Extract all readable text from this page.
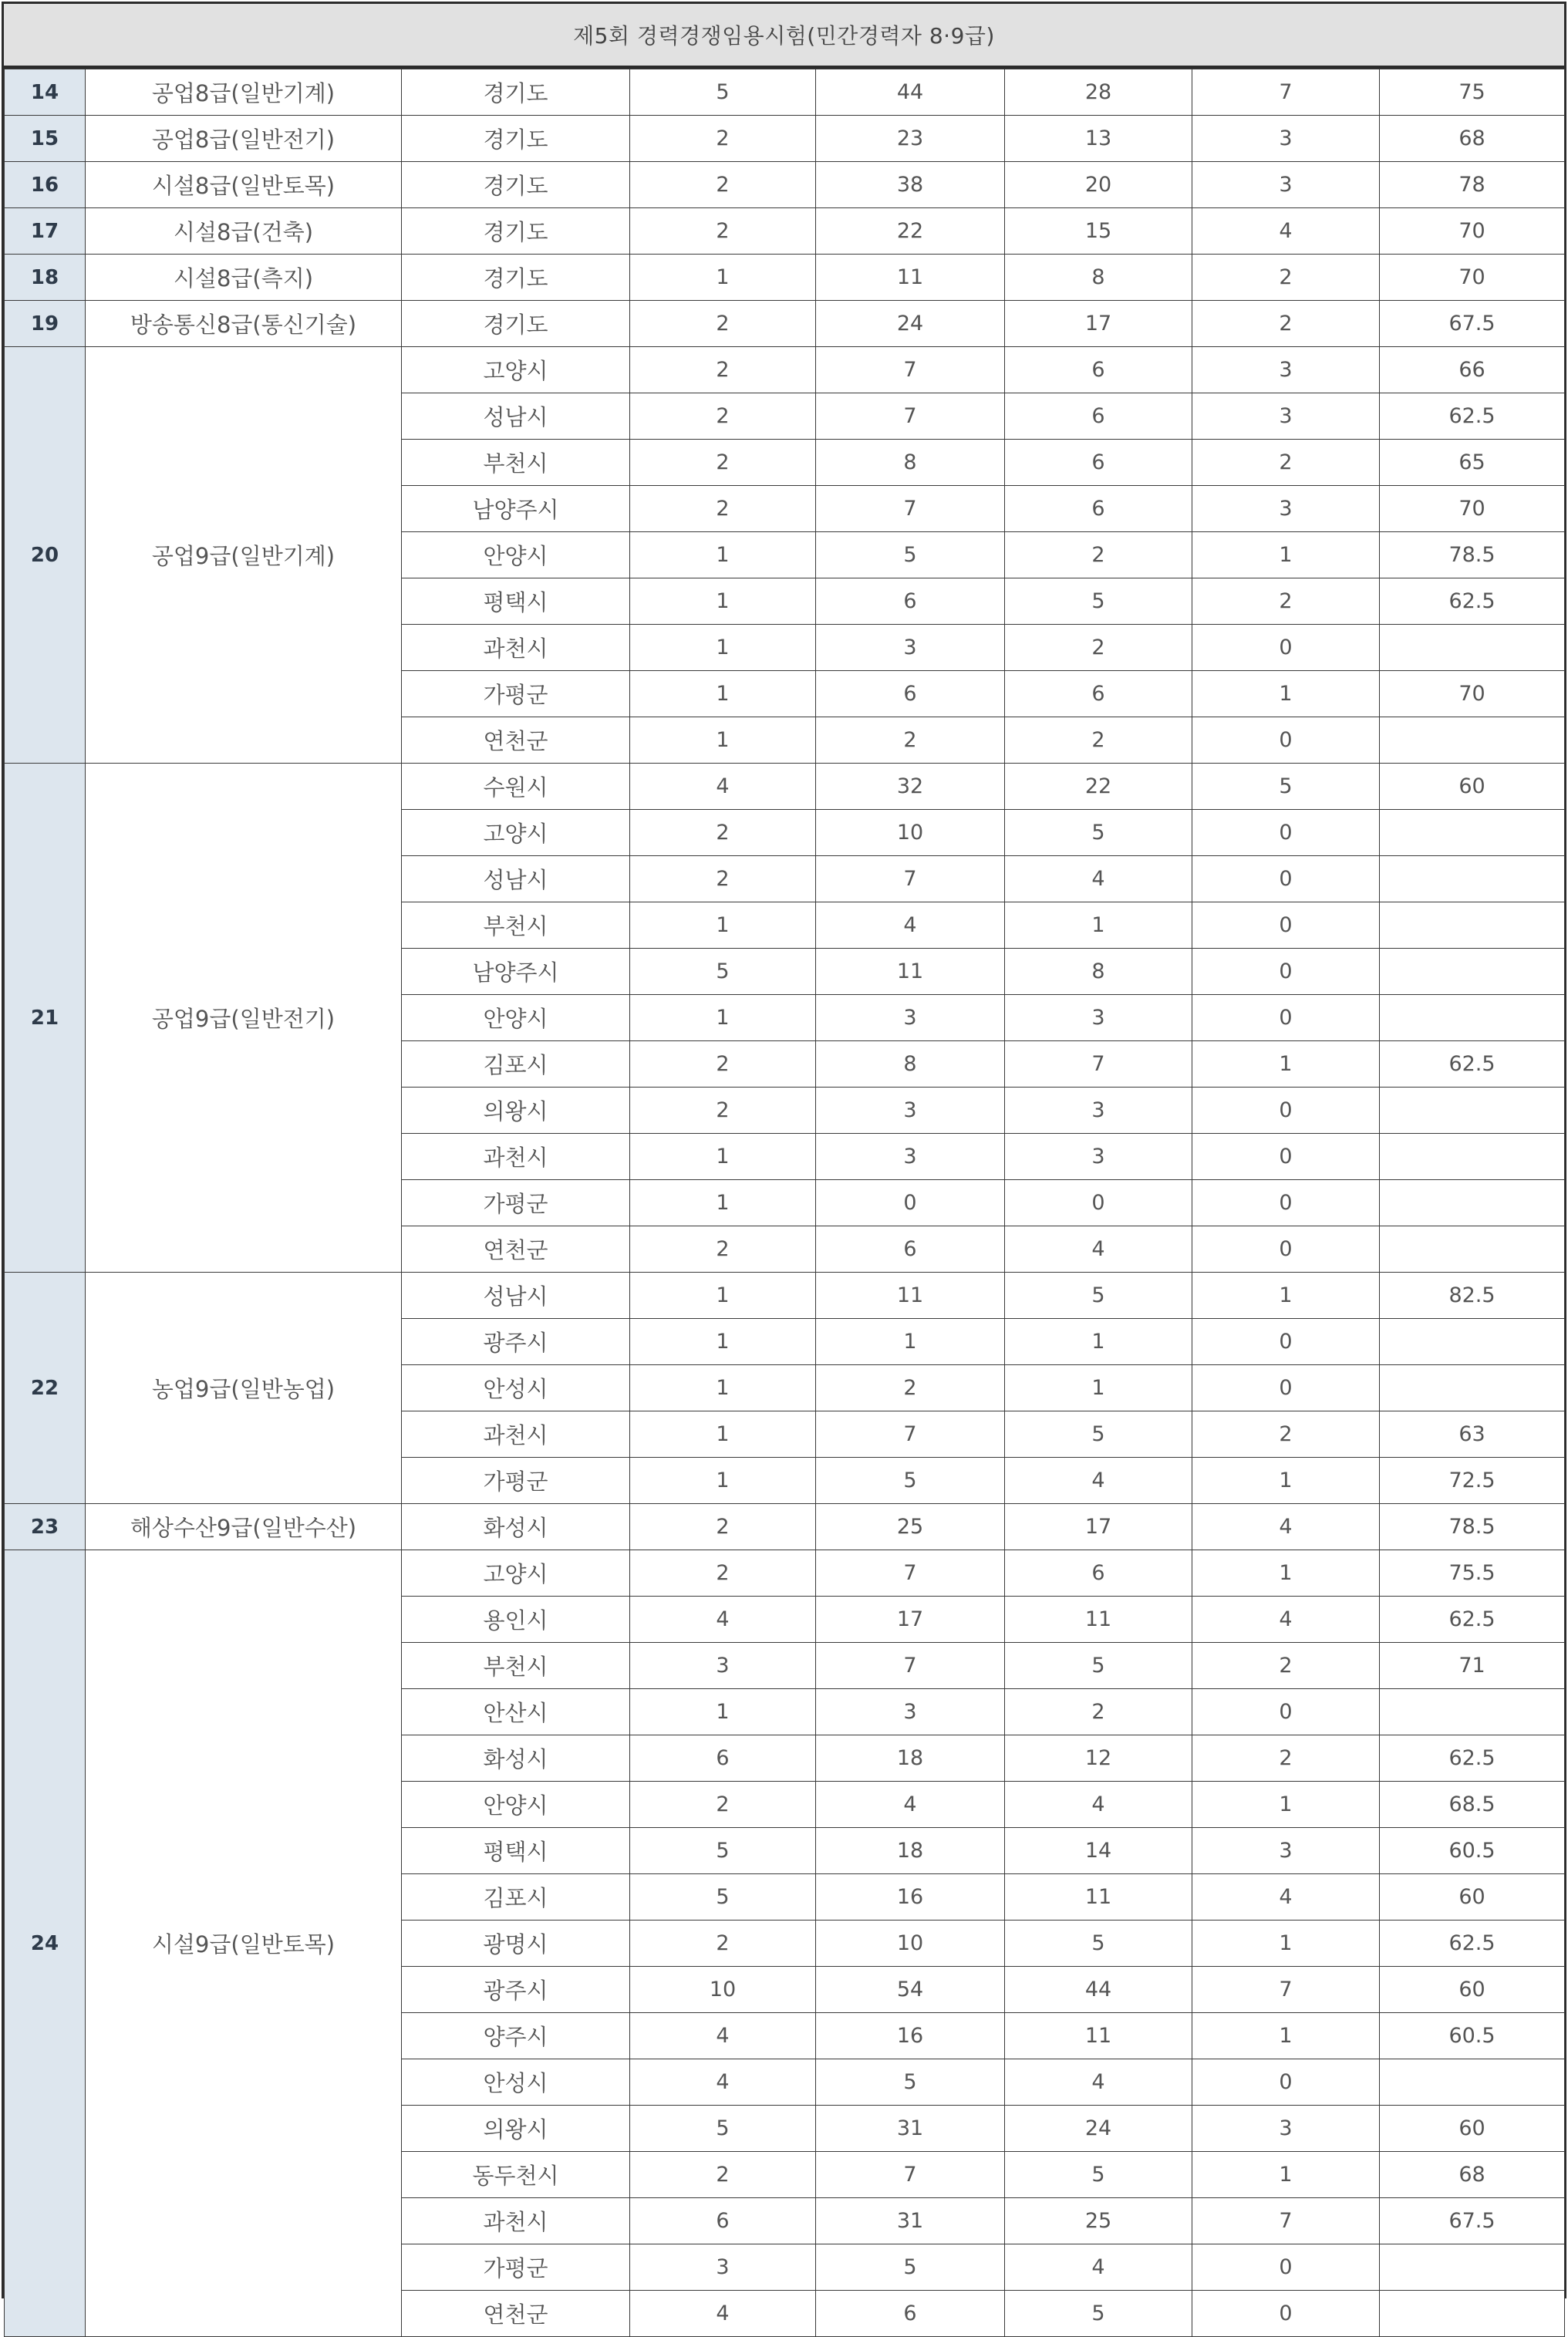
제5회 경력경쟁임용시험(민간경력자 8·9급)
14	공업8급(일반기계)	경기도	5	44	28	7	75
15	공업8급(일반전기)	경기도	2	23	13	3	68
16	시설8급(일반토목)	경기도	2	38	20	3	78
17	시설8급(건축)	경기도	2	22	15	4	70
18	시설8급(측지)	경기도	1	11	8	2	70
19	방송통신8급(통신기술)	경기도	2	24	17	2	67.5
20	공업9급(일반기계)	고양시	2	7	6	3	66
		성남시	2	7	6	3	62.5
		부천시	2	8	6	2	65
		남양주시	2	7	6	3	70
		안양시	1	5	2	1	78.5
		평택시	1	6	5	2	62.5
		과천시	1	3	2	0	
		가평군	1	6	6	1	70
		연천군	1	2	2	0	
21	공업9급(일반전기)	수원시	4	32	22	5	60
		고양시	2	10	5	0	
		성남시	2	7	4	0	
		부천시	1	4	1	0	
		남양주시	5	11	8	0	
		안양시	1	3	3	0	
		김포시	2	8	7	1	62.5
		의왕시	2	3	3	0	
		과천시	1	3	3	0	
		가평군	1	0	0	0	
		연천군	2	6	4	0	
22	농업9급(일반농업)	성남시	1	11	5	1	82.5
		광주시	1	1	1	0	
		안성시	1	2	1	0	
		과천시	1	7	5	2	63
		가평군	1	5	4	1	72.5
23	해상수산9급(일반수산)	화성시	2	25	17	4	78.5
24	시설9급(일반토목)	고양시	2	7	6	1	75.5
		용인시	4	17	11	4	62.5
		부천시	3	7	5	2	71
		안산시	1	3	2	0	
		화성시	6	18	12	2	62.5
		안양시	2	4	4	1	68.5
		평택시	5	18	14	3	60.5
		김포시	5	16	11	4	60
		광명시	2	10	5	1	62.5
		광주시	10	54	44	7	60
		양주시	4	16	11	1	60.5
		안성시	4	5	4	0	
		의왕시	5	31	24	3	60
		동두천시	2	7	5	1	68
		과천시	6	31	25	7	67.5
		가평군	3	5	4	0	
		연천군	4	6	5	0	
